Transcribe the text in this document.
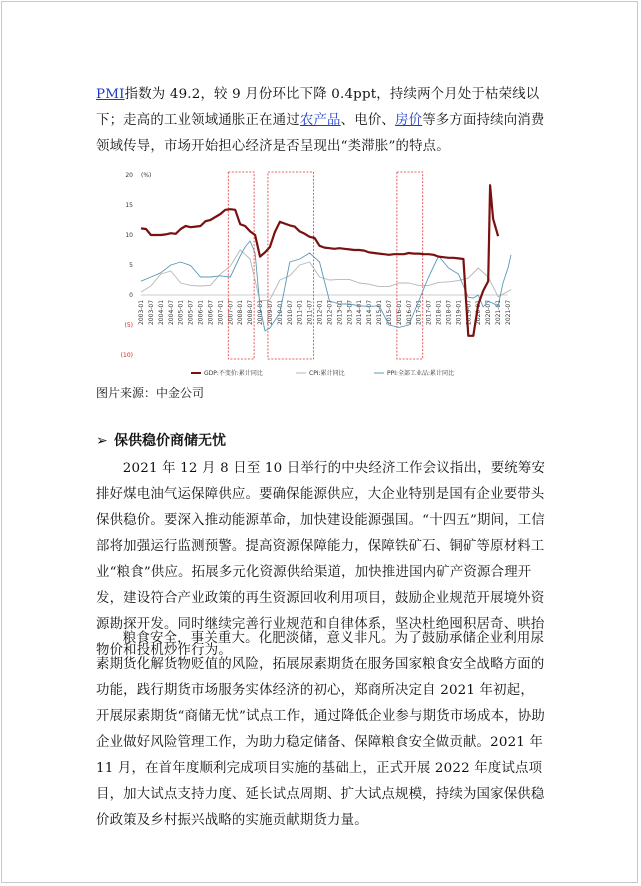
PMI指数为 49.2，较 9 月份环比下降 0.4ppt，持续两个月处于枯荣线以下；走高的工业领域通胀正在通过农产品、电价、房价等多方面持续向消费领域传导，市场开始担心经济是否呈现出“类滞胀”的特点。
(%)
20
15
10
5
0
(5)
(10)
2003-01 2003-07 2004-01 2004-07 2005-01 2005-07 2006-01 2006-07 2007-01 2007-07 2008-01 2008-07 2009-01 2009-07 2010-01 2010-07 2011-01 2011-07 2012-01 2012-07 2013-01 2013-07 2014-01 2014-07 2015-01 2015-07 2016-01 2016-07 2017-01 2017-07 2018-01 2018-07 2019-01 2019-07 2020-01 2020-07 2021-01 2021-07
GDP:不变价:累计同比	CPI:累计同比	PPI:全部工业品:累计同比
图片来源：中金公司
➢ 保供稳价商储无忧
2021 年 12 月 8 日至 10 日举行的中央经济工作会议指出，要统筹安排好煤电油气运保障供应。要确保能源供应，大企业特别是国有企业要带头保供稳价。要深入推动能源革命，加快建设能源强国。“十四五”期间，工信部将加强运行监测预警。提高资源保障能力，保障铁矿石、铜矿等原材料工业“粮食”供应。拓展多元化资源供给渠道，加快推进国内矿产资源合理开发，建设符合产业政策的再生资源回收利用项目，鼓励企业规范开展境外资源勘探开发。同时继续完善行业规范和自律体系，坚决杜绝囤积居奇、哄抬物价和投机炒作行为。
粮食安全，事关重大。化肥淡储，意义非凡。为了鼓励承储企业利用尿素期货化解货物贬值的风险，拓展尿素期货在服务国家粮食安全战略方面的功能，践行期货市场服务实体经济的初心，郑商所决定自 2021 年初起，开展尿素期货“商储无忧”试点工作，通过降低企业参与期货市场成本，协助企业做好风险管理工作，为助力稳定储备、保障粮食安全做贡献。2021 年 11 月，在首年度顺利完成项目实施的基础上，正式开展 2022 年度试点项目，加大试点支持力度、延长试点周期、扩大试点规模，持续为国家保供稳价政策及乡村振兴战略的实施贡献期货力量。
